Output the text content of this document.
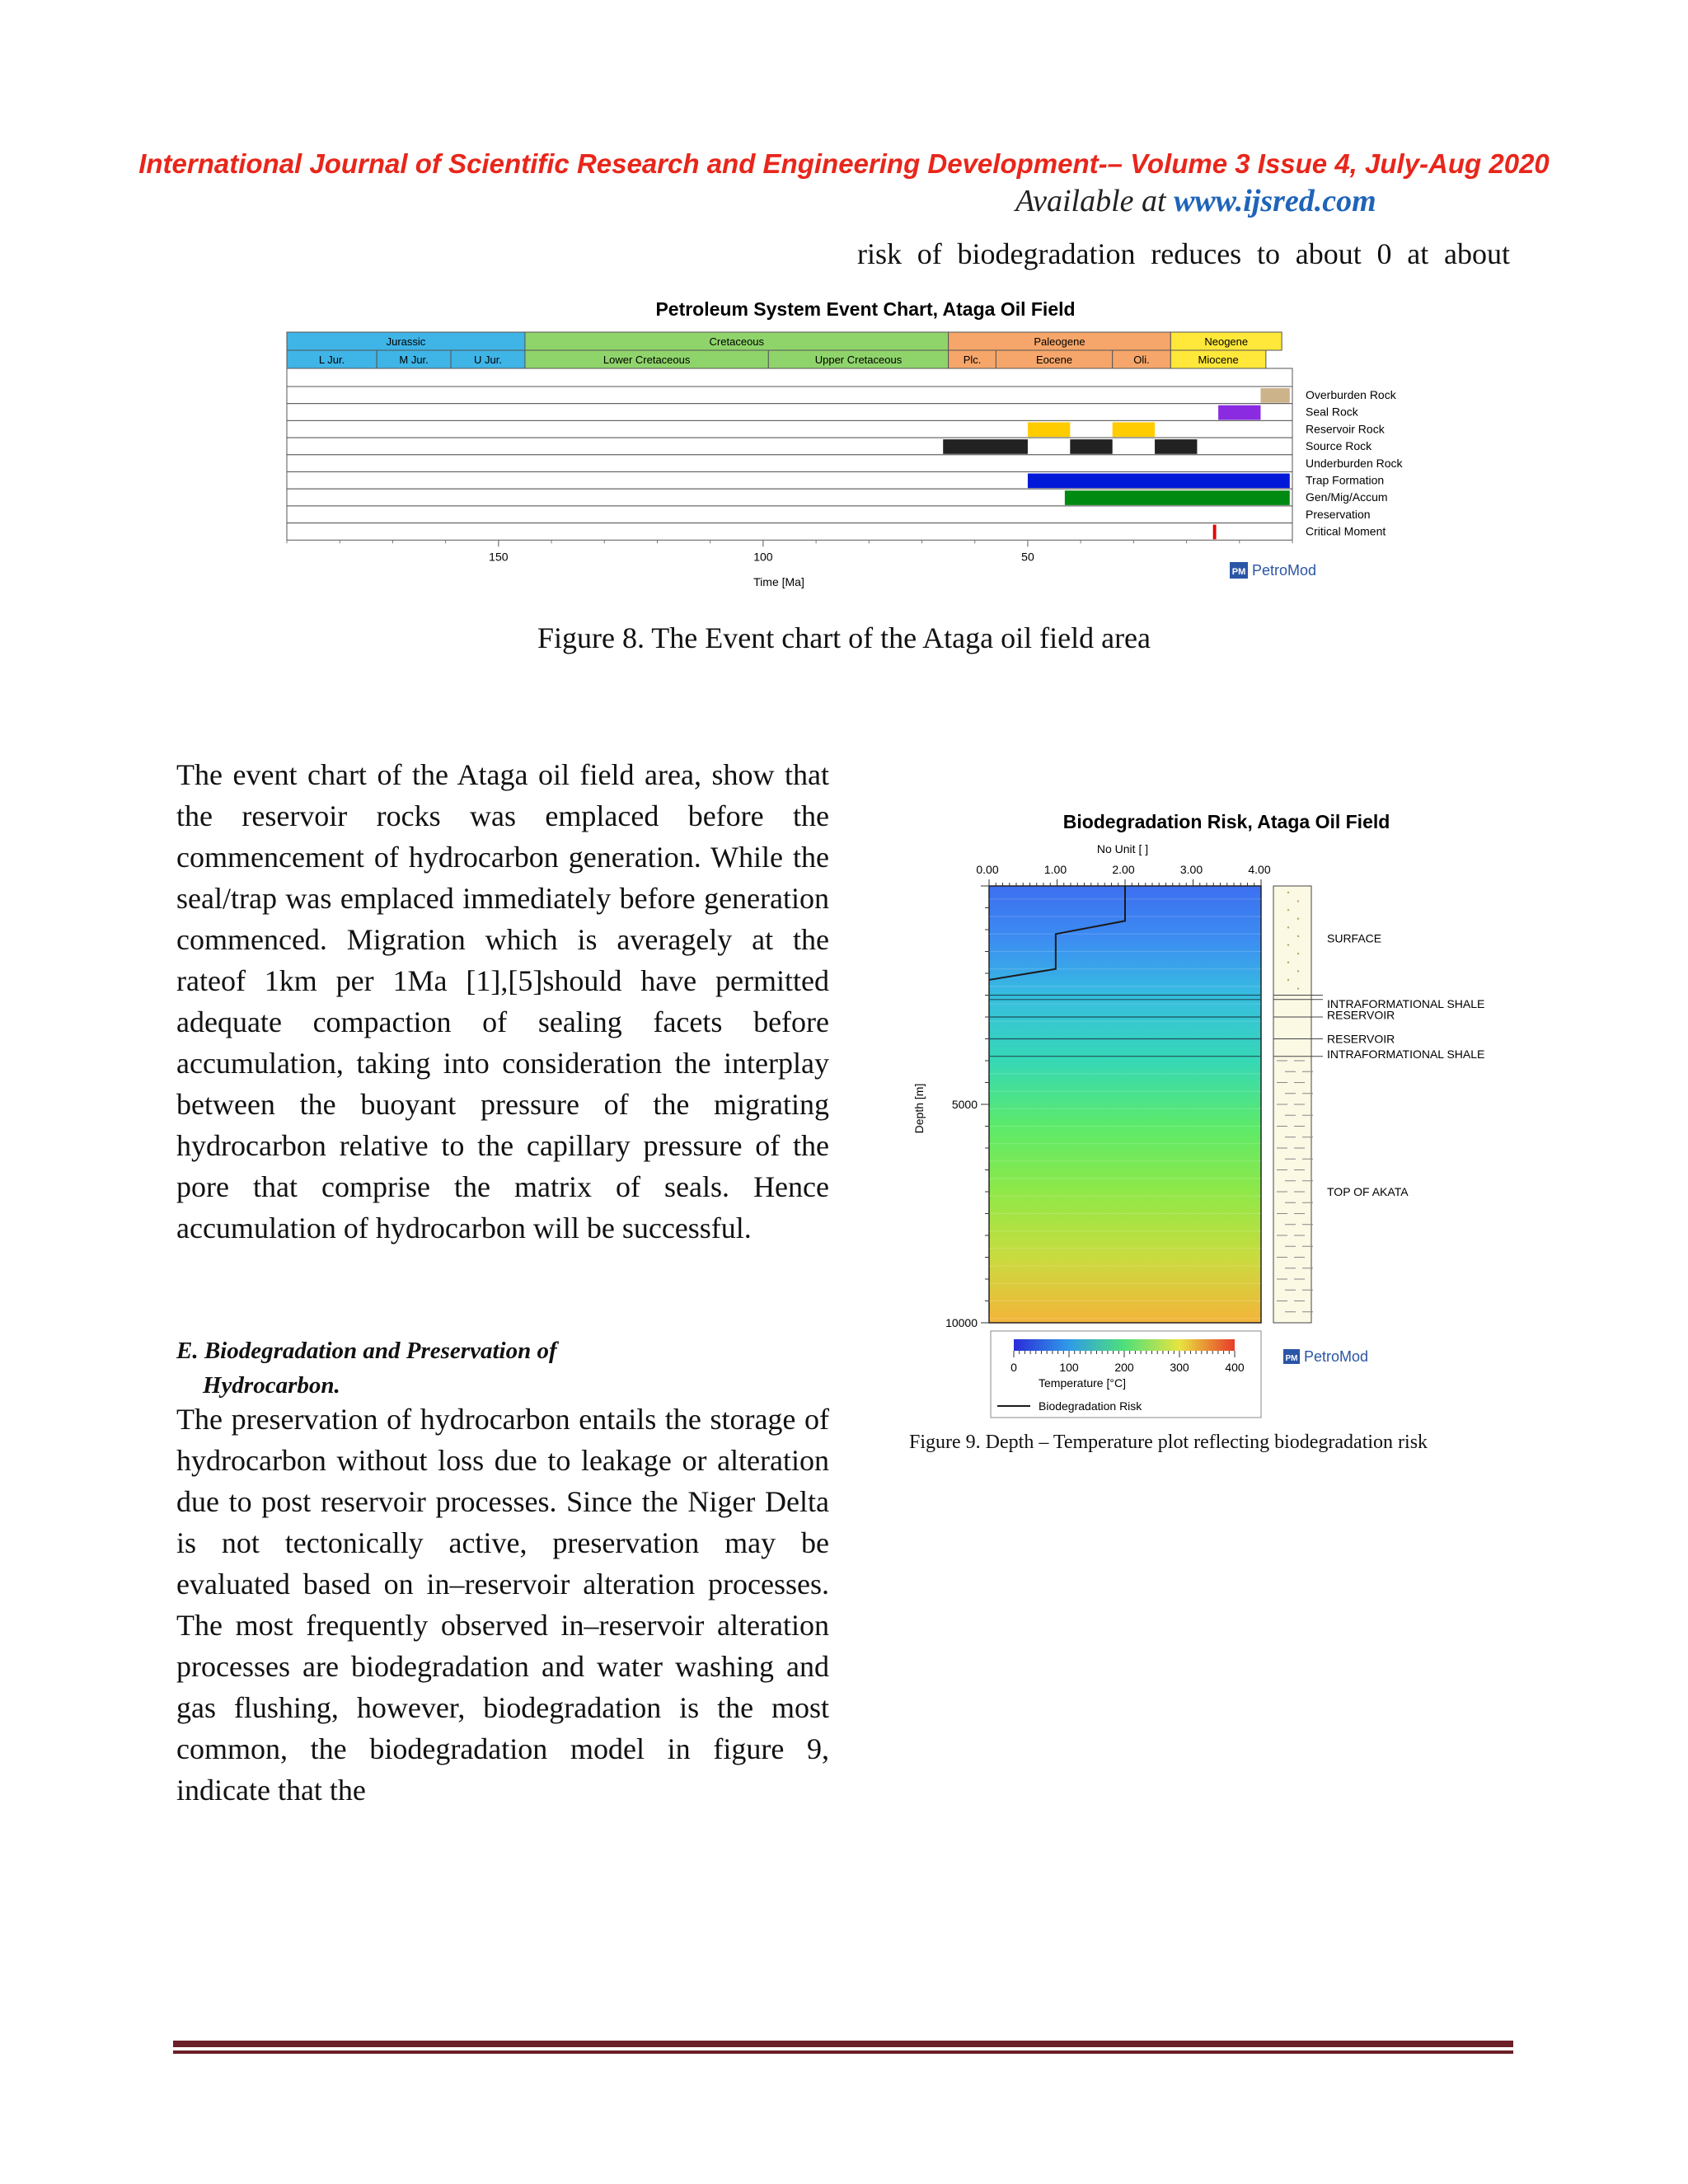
International Journal of Scientific Research and Engineering Development-– Volume 3 Issue 4, July-Aug 2020
Available at www.ijsred.com
risk of biodegradation reduces to about 0 at about
Petroleum System Event Chart, Ataga Oil Field
Jurassic	Cretaceous	Paleogene	Neogene
L Jur.	M Jur.	U Jur.	Lower Cretaceous	Upper Cretaceous	Plc.	Eocene	Oli.	Miocene
Overburden Rock
Seal Rock
Reservoir Rock
Source Rock
Underburden Rock
Trap Formation
Gen/Mig/Accum
Preservation
Critical Moment
150	100	50
Time [Ma]
PM PetroMod
Figure 8. The Event chart of the Ataga oil field area

The event chart of the Ataga oil field area, show that the reservoir rocks was emplaced before the commencement of hydrocarbon generation. While the seal/trap was emplaced immediately before generation commenced. Migration which is averagely at the rateof 1km per 1Ma [1],[5]should have permitted adequate compaction of sealing facets before accumulation, taking into consideration the interplay between the buoyant pressure of the migrating hydrocarbon relative to the capillary pressure of the pore that comprise the matrix of seals. Hence accumulation of hydrocarbon will be successful.

E. Biodegradation and Preservation of
Hydrocarbon.

The preservation of hydrocarbon entails the storage of hydrocarbon without loss due to leakage or alteration due to post reservoir processes. Since the Niger Delta is not tectonically active, preservation may be evaluated based on in–reservoir alteration processes. The most frequently observed in–reservoir alteration processes are biodegradation and water washing and gas flushing, however, biodegradation is the most common, the biodegradation model in figure 9, indicate that the

Biodegradation Risk, Ataga Oil Field
No Unit [ ]
0.00	1.00	2.00	3.00	4.00
Depth [m] 5000
10000
SURFACE
INTRAFORMATIONAL SHALE
RESERVOIR
RESERVOIR
INTRAFORMATIONAL SHALE
TOP OF AKATA
0	100	200	300	400
Temperature [°C]
Biodegradation Risk
PM PetroMod
Figure 9. Depth – Temperature plot reflecting biodegradation risk
